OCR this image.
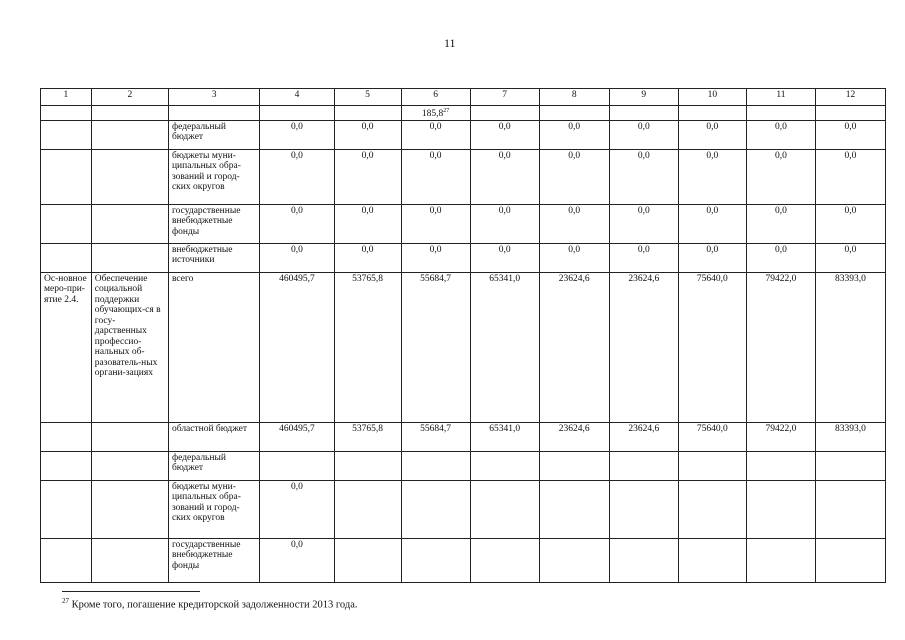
11
1	2	3	4	5	6	7	8	9	10	11	12
					185,8$^{27}$						
		федеральный бюджет	0,0	0,0	0,0	0,0	0,0	0,0	0,0	0,0	0,0
		бюджеты муни-ципальных обра-зований и город-ских округов	0,0	0,0	0,0	0,0	0,0	0,0	0,0	0,0	0,0
		государственные внебюджетные фонды	0,0	0,0	0,0	0,0	0,0	0,0	0,0	0,0	0,0
		внебюджетные источники	0,0	0,0	0,0	0,0	0,0	0,0	0,0	0,0	0,0
Ос-новное меро-при-ятие 2.4.	Обеспечение социальной поддержки обучающих-ся в госу-дарственных профессио-нальных об-разователь-ных органи-зациях	всего	460495,7	53765,8	55684,7	65341,0	23624,6	23624,6	75640,0	79422,0	83393,0
		областной бюджет	460495,7	53765,8	55684,7	65341,0	23624,6	23624,6	75640,0	79422,0	83393,0
		федеральный бюджет									
		бюджеты муни-ципальных обра-зований и город-ских округов	0,0								
		государственные внебюджетные фонды	0,0								
$^{27}$ Кроме того, погашение кредиторской задолженности 2013 года.
